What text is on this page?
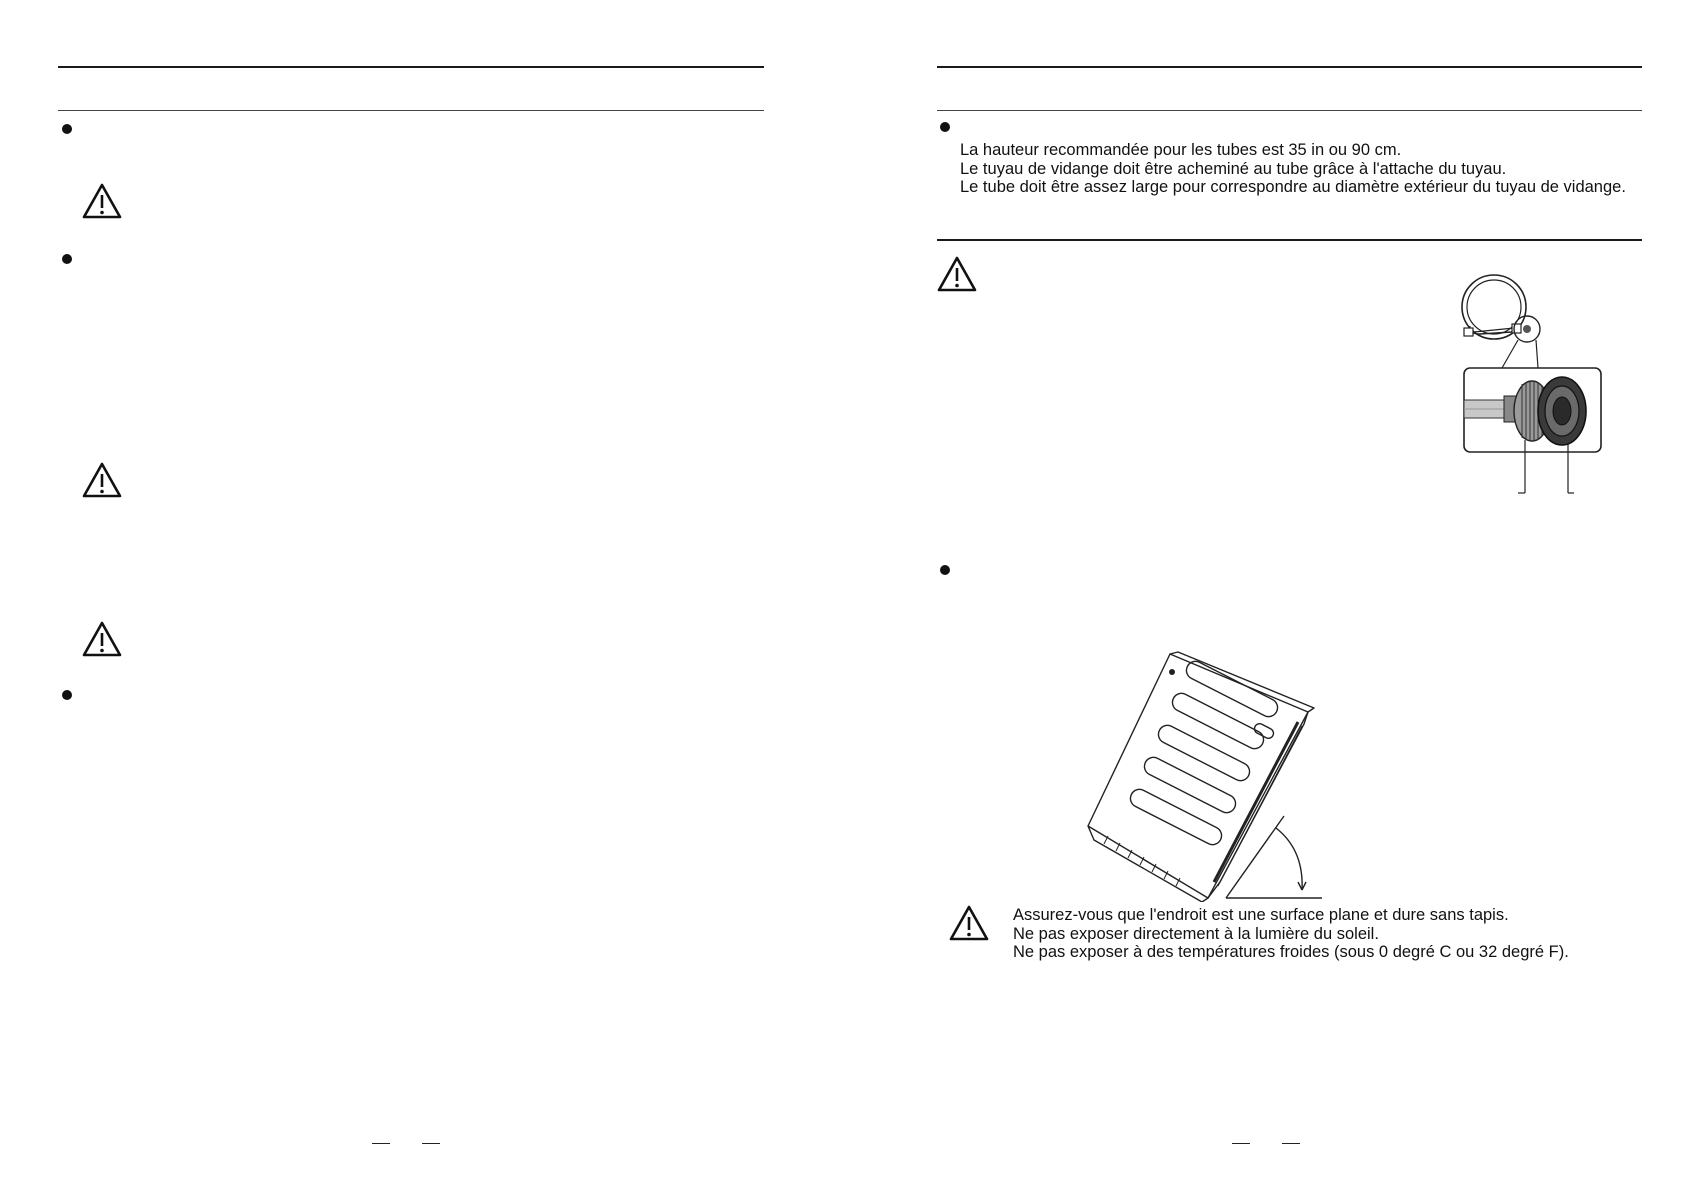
La hauteur recommandée pour les tubes est 35 in ou 90 cm.
Le tuyau de vidange doit être acheminé au tube grâce à l'attache du tuyau.
Le tube doit être assez large pour correspondre au diamètre extérieur du tuyau de vidange.
Assurez-vous que l'endroit est une surface plane et dure sans tapis.
Ne pas exposer directement à la lumière du soleil.
Ne pas exposer à des températures froides (sous 0 degré C ou 32 degré F).
